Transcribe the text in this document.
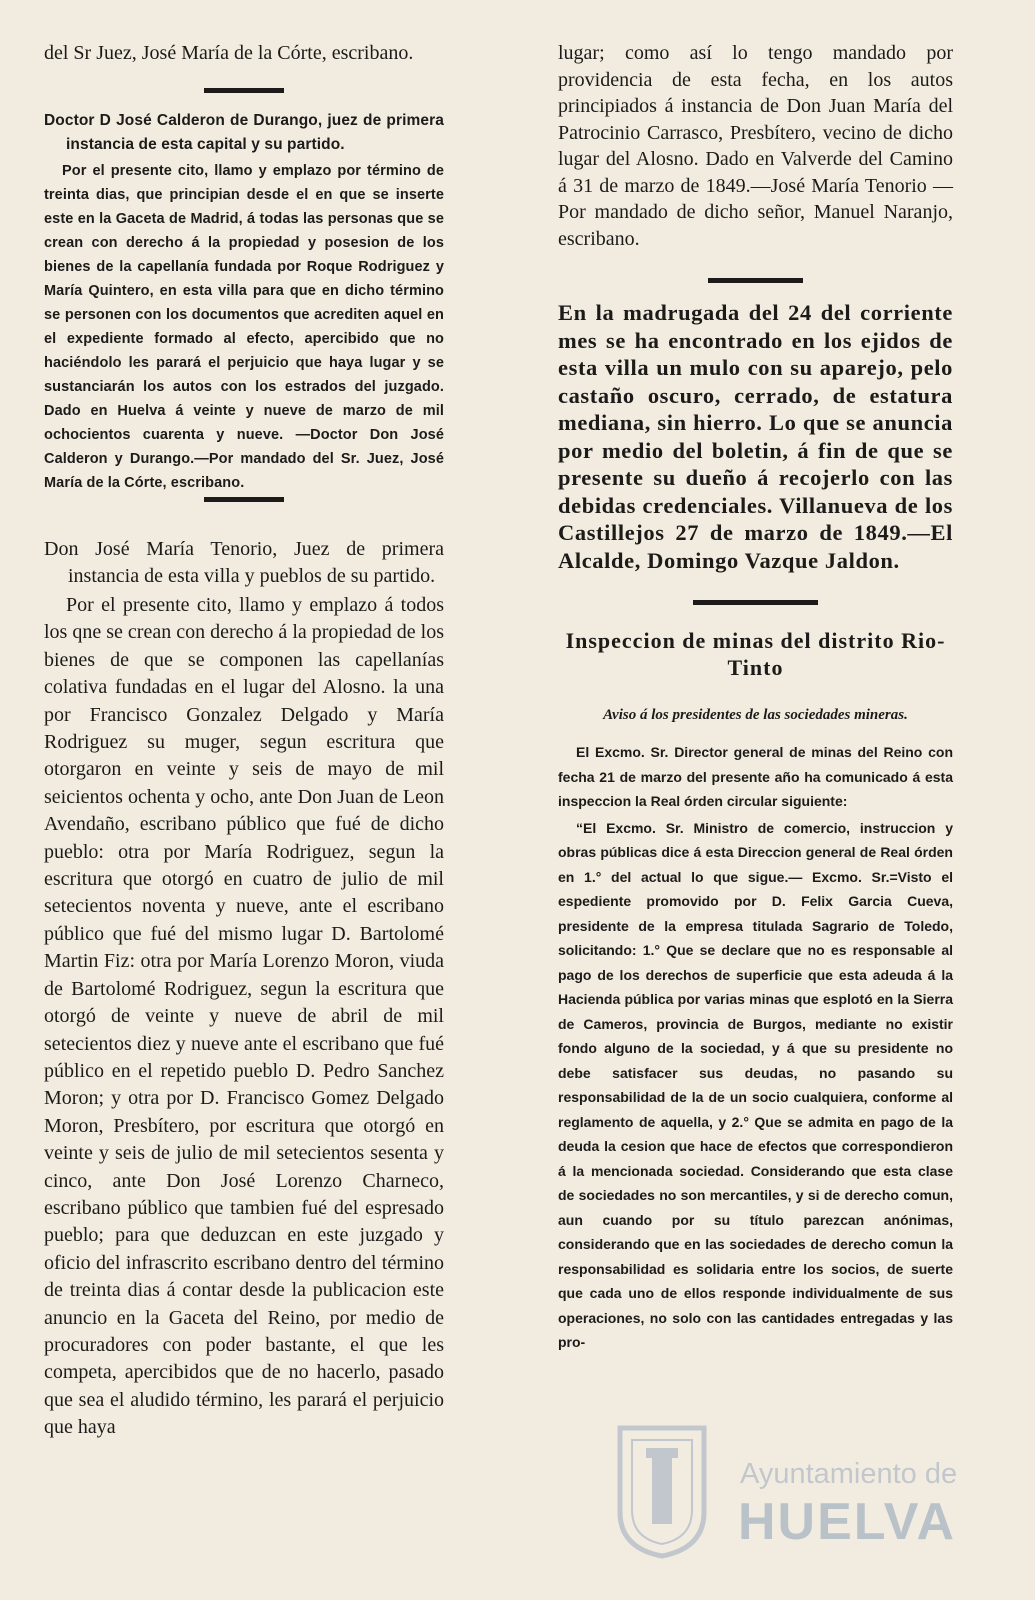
del Sr Juez, José María de la Córte, escribano.

Doctor D José Calderon de Durango, juez de primera instancia de esta capital y su partido.

Por el presente cito, llamo y emplazo por término de treinta dias, que principian desde el en que se inserte este en la Gaceta de Madrid, á todas las personas que se crean con derecho á la propiedad y posesion de los bienes de la capellanía fundada por Roque Rodriguez y María Quintero, en esta villa para que en dicho término se personen con los documentos que acrediten aquel en el expediente formado al efecto, apercibido que no haciéndolo les parará el perjuicio que haya lugar y se sustanciarán los autos con los estrados del juzgado. Dado en Huelva á veinte y nueve de marzo de mil ochocientos cuarenta y nueve. —Doctor Don José Calderon y Durango.—Por mandado del Sr. Juez, José María de la Córte, escribano.

Don José María Tenorio, Juez de primera instancia de esta villa y pueblos de su partido.

Por el presente cito, llamo y emplazo á todos los qne se crean con derecho á la propiedad de los bienes de que se componen las capellanías colativa fundadas en el lugar del Alosno. la una por Francisco Gonzalez Delgado y María Rodriguez su muger, segun escritura que otorgaron en veinte y seis de mayo de mil seicientos ochenta y ocho, ante Don Juan de Leon Avendaño, escribano público que fué de dicho pueblo: otra por María Rodriguez, segun la escritura que otorgó en cuatro de julio de mil setecientos noventa y nueve, ante el escribano público que fué del mismo lugar D. Bartolomé Martin Fiz: otra por María Lorenzo Moron, viuda de Bartolomé Rodriguez, segun la escritura que otorgó de veinte y nueve de abril de mil setecientos diez y nueve ante el escribano que fué público en el repetido pueblo D. Pedro Sanchez Moron; y otra por D. Francisco Gomez Delgado Moron, Presbítero, por escritura que otorgó en veinte y seis de julio de mil setecientos sesenta y cinco, ante Don José Lorenzo Charneco, escribano público que tambien fué del espresado pueblo; para que deduzcan en este juzgado y oficio del infrascrito escribano dentro del término de treinta dias á contar desde la publicacion este anuncio en la Gaceta del Reino, por medio de procuradores con poder bastante, el que les competa, apercibidos que de no hacerlo, pasado que sea el aludido término, les parará el perjuicio que haya

lugar; como así lo tengo mandado por providencia de esta fecha, en los autos principiados á instancia de Don Juan María del Patrocinio Carrasco, Presbítero, vecino de dicho lugar del Alosno. Dado en Valverde del Camino á 31 de marzo de 1849.—José María Tenorio —Por mandado de dicho señor, Manuel Naranjo, escribano.

En la madrugada del 24 del corriente mes se ha encontrado en los ejidos de esta villa un mulo con su aparejo, pelo castaño oscuro, cerrado, de estatura mediana, sin hierro. Lo que se anuncia por medio del boletin, á fin de que se presente su dueño á recojerlo con las debidas credenciales. Villanueva de los Castillejos 27 de marzo de 1849.—El Alcalde, Domingo Vazque Jaldon.

Inspeccion de minas del distrito Rio-Tinto

Aviso á los presidentes de las sociedades mineras.

El Excmo. Sr. Director general de minas del Reino con fecha 21 de marzo del presente año ha comunicado á esta inspeccion la Real órden circular siguiente:

“El Excmo. Sr. Ministro de comercio, instruccion y obras públicas dice á esta Direccion general de Real órden en 1.° del actual lo que sigue.— Excmo. Sr.=Visto el espediente promovido por D. Felix Garcia Cueva, presidente de la empresa titulada Sagrario de Toledo, solicitando: 1.° Que se declare que no es responsable al pago de los derechos de superficie que esta adeuda á la Hacienda pública por varias minas que esplotó en la Sierra de Cameros, provincia de Burgos, mediante no existir fondo alguno de la sociedad, y á que su presidente no debe satisfacer sus deudas, no pasando su responsabilidad de la de un socio cualquiera, conforme al reglamento de aquella, y 2.° Que se admita en pago de la deuda la cesion que hace de efectos que correspondieron á la mencionada sociedad. Considerando que esta clase de sociedades no son mercantiles, y si de derecho comun, aun cuando por su título parezcan anónimas, considerando que en las sociedades de derecho comun la responsabilidad es solidaria entre los socios, de suerte que cada uno de ellos responde individualmente de sus operaciones, no solo con las cantidades entregadas y las pro-

Ayuntamiento de
HUELVA
